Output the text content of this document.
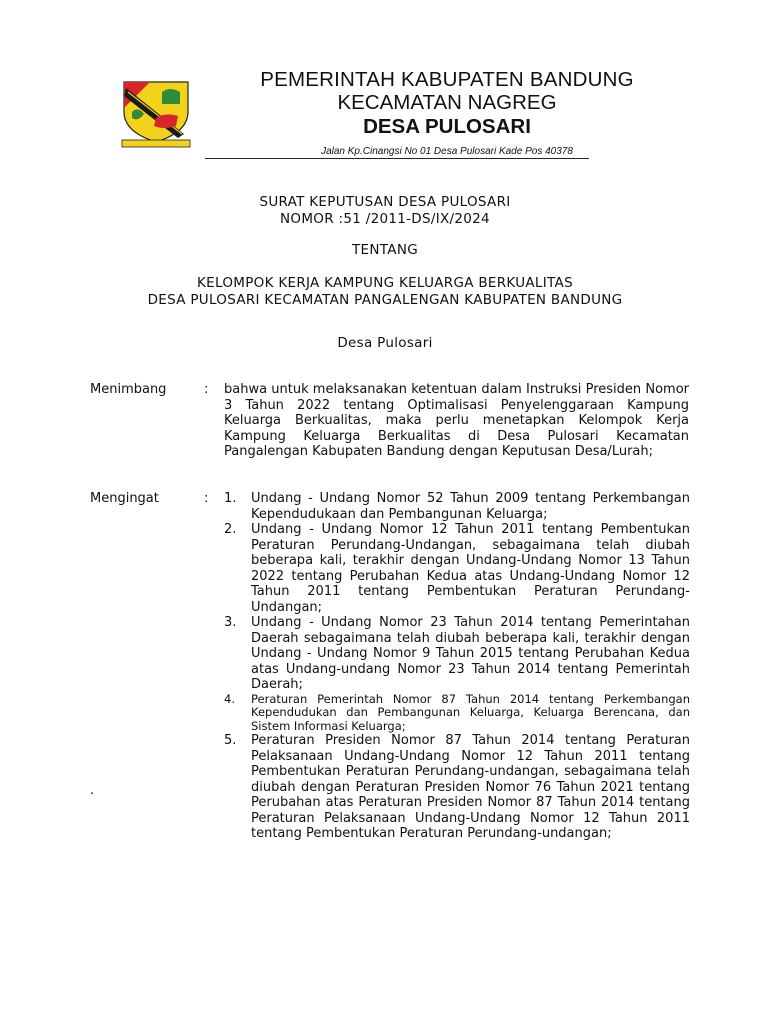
PEMERINTAH KABUPATEN BANDUNG
KECAMATAN NAGREG
DESA PULOSARI
Jalan Kp.Cinangsi No 01 Desa Pulosari Kade Pos 40378
SURAT KEPUTUSAN DESA PULOSARI
NOMOR :51 /2011-DS/IX/2024
TENTANG
KELOMPOK KERJA KAMPUNG KELUARGA BERKUALITAS
DESA PULOSARI KECAMATAN PANGALENGAN KABUPATEN BANDUNG
Desa Pulosari
Menimbang	: bahwa untuk melaksanakan ketentuan dalam Instruksi Presiden Nomor 3 Tahun 2022 tentang Optimalisasi Penyelenggaraan Kampung Keluarga Berkualitas, maka perlu menetapkan Kelompok Kerja Kampung Keluarga Berkualitas di Desa Pulosari Kecamatan Pangalengan Kabupaten Bandung dengan Keputusan Desa/Lurah;
Mengingat	: 1. Undang - Undang Nomor 52 Tahun 2009 tentang Perkembangan Kependudukaan dan Pembangunan Keluarga;
2. Undang - Undang Nomor 12 Tahun 2011 tentang Pembentukan Peraturan Perundang-Undangan, sebagaimana telah diubah beberapa kali, terakhir dengan Undang-Undang Nomor 13 Tahun 2022 tentang Perubahan Kedua atas Undang-Undang Nomor 12 Tahun 2011 tentang Pembentukan Peraturan Perundang-Undangan;
3. Undang - Undang Nomor 23 Tahun 2014 tentang Pemerintahan Daerah sebagaimana telah diubah beberapa kali, terakhir dengan Undang - Undang Nomor 9 Tahun 2015 tentang Perubahan Kedua atas Undang-undang Nomor 23 Tahun 2014 tentang Pemerintah Daerah;
4. Peraturan Pemerintah Nomor 87 Tahun 2014 tentang Perkembangan Kependudukan dan Pembangunan Keluarga, Keluarga Berencana, dan Sistem Informasi Keluarga;
5. Peraturan Presiden Nomor 87 Tahun 2014 tentang Peraturan Pelaksanaan Undang-Undang Nomor 12 Tahun 2011 tentang Pembentukan Peraturan Perundang-undangan, sebagaimana telah diubah dengan Peraturan Presiden Nomor 76 Tahun 2021 tentang Perubahan atas Peraturan Presiden Nomor 87 Tahun 2014 tentang Peraturan Pelaksanaan Undang-Undang Nomor 12 Tahun 2011 tentang Pembentukan Peraturan Perundang-undangan;
.
